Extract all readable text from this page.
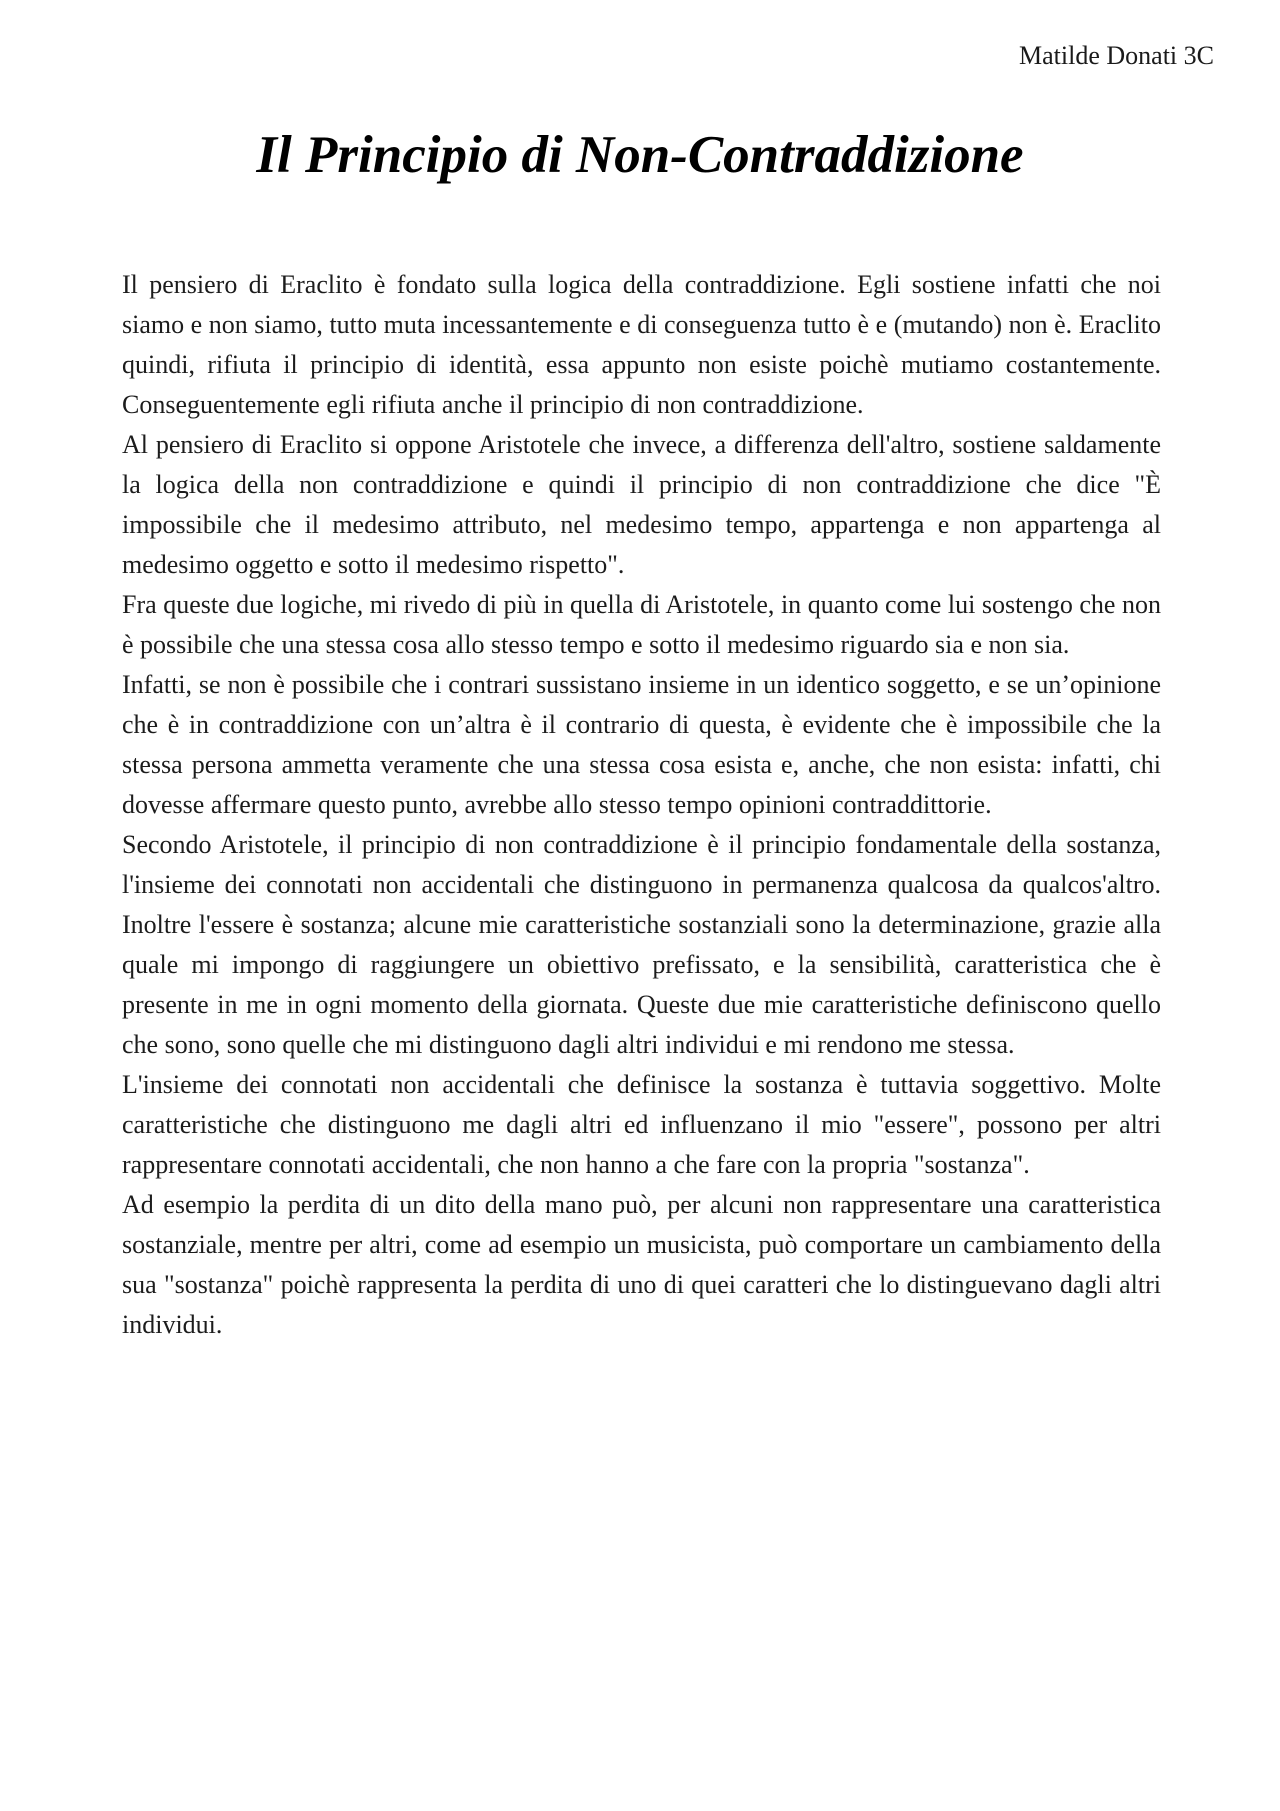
Matilde Donati 3C
Il Principio di Non-Contraddizione

Il pensiero di Eraclito è fondato sulla logica della contraddizione. Egli sostiene infatti che noi siamo e non siamo, tutto muta incessantemente e di conseguenza tutto è e (mutando) non è. Eraclito quindi, rifiuta il principio di identità, essa appunto non esiste poichè mutiamo costantemente. Conseguentemente egli rifiuta anche il principio di non contraddizione.

Al pensiero di Eraclito si oppone Aristotele che invece, a differenza dell'altro, sostiene saldamente la logica della non contraddizione e quindi il principio di non contraddizione che dice "È impossibile che il medesimo attributo, nel medesimo tempo, appartenga e non appartenga al medesimo oggetto e sotto il medesimo rispetto".

Fra queste due logiche, mi rivedo di più in quella di Aristotele, in quanto come lui sostengo che non è possibile che una stessa cosa allo stesso tempo e sotto il medesimo riguardo sia e non sia.

Infatti, se non è possibile che i contrari sussistano insieme in un identico soggetto, e se un’opinione che è in contraddizione con un’altra è il contrario di questa, è evidente che è impossibile che la stessa persona ammetta veramente che una stessa cosa esista e, anche, che non esista: infatti, chi dovesse affermare questo punto, avrebbe allo stesso tempo opinioni contraddittorie.

Secondo Aristotele, il principio di non contraddizione è il principio fondamentale della sostanza, l'insieme dei connotati non accidentali che distinguono in permanenza qualcosa da qualcos'altro. Inoltre l'essere è sostanza; alcune mie caratteristiche sostanziali sono la determinazione, grazie alla quale mi impongo di raggiungere un obiettivo prefissato, e la sensibilità, caratteristica che è presente in me in ogni momento della giornata. Queste due mie caratteristiche definiscono quello che sono, sono quelle che mi distinguono dagli altri individui e mi rendono me stessa.

L'insieme dei connotati non accidentali che definisce la sostanza è tuttavia soggettivo. Molte caratteristiche che distinguono me dagli altri ed influenzano il mio "essere", possono per altri rappresentare connotati accidentali, che non hanno a che fare con la propria "sostanza".

Ad esempio la perdita di un dito della mano può, per alcuni non rappresentare una caratteristica sostanziale, mentre per altri, come ad esempio un musicista, può comportare un cambiamento della sua "sostanza" poichè rappresenta la perdita di uno di quei caratteri che lo distinguevano dagli altri individui.
